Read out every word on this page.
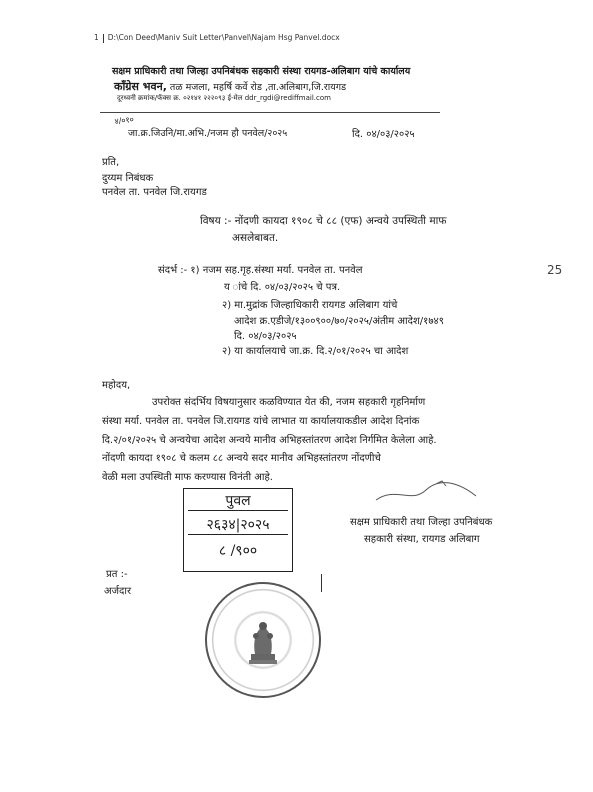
1 D:\Con Deed\Maniv Suit Letter\Panvel\Najam Hsg Panvel.docx
सक्षम प्राधिकारी तथा जिल्हा उपनिबंधक सहकारी संस्था रायगड-अलिबाग यांचे कार्यालय
कॉंग्रेस भवन, तळ मजला, महर्षि कर्वे रोड ,ता.अलिबाग,जि.रायगड
दूरध्वनी क्रमांक/फॅक्स क्र. ०२१४१ २२२०९३ ई-मेल ddr_rgdi@rediffmail.com
४/०१०
जा.क्र.जिउनि/मा.अभि./नजम हौ पनवेल/२०२५	दि. ०४/०३/२०२५
प्रति,
दुय्यम निबंधक
पनवेल ता. पनवेल जि.रायगड
विषय :- नोंदणी कायदा १९०८ चे ८८ (एफ) अन्वये उपस्थिती माफ
असलेबाबत.
संदर्भ :- १) नजम सह.गृह.संस्था मर्या. पनवेल ता. पनवेल
य ांचे दि. ०४/०३/२०२५ चे पत्र.
२) मा.मुद्रांक जिल्हाधिकारी रायगड अलिबाग यांचे
आदेश क्र.एडीजे/१३००९००/७०/२०२५/अंतीम आदेश/१७४९
दि. ०४/०३/२०२५
२) या कार्यालयाचे जा.क्र. दि.२/०१/२०२५ चा आदेश
महोदय,
उपरोक्त संदर्भिय विषयानुसार कळविण्यात येत की, नजम सहकारी गृहनिर्माण
संस्था मर्या. पनवेल ता. पनवेल जि.रायगड यांचे लाभात या कार्यालयाकडील आदेश दिनांक
दि.२/०१/२०२५ चे अन्वयेचा आदेश अन्वये मानीव अभिहस्तांतरण आदेश निर्गमित केलेला आहे.
नोंदणी कायदा १९०८ चे कलम ८८ अन्वये सदर मानीव अभिहस्तांतरण नोंदणीचे
वेळी मला उपस्थिती माफ करण्यास विनंती आहे.
पुवल
२६३४|२०२५
८ /९००
सक्षम प्राधिकारी तथा जिल्हा उपनिबंधक
सहकारी संस्था, रायगड अलिबाग
प्रत :-
अर्जदार
25
